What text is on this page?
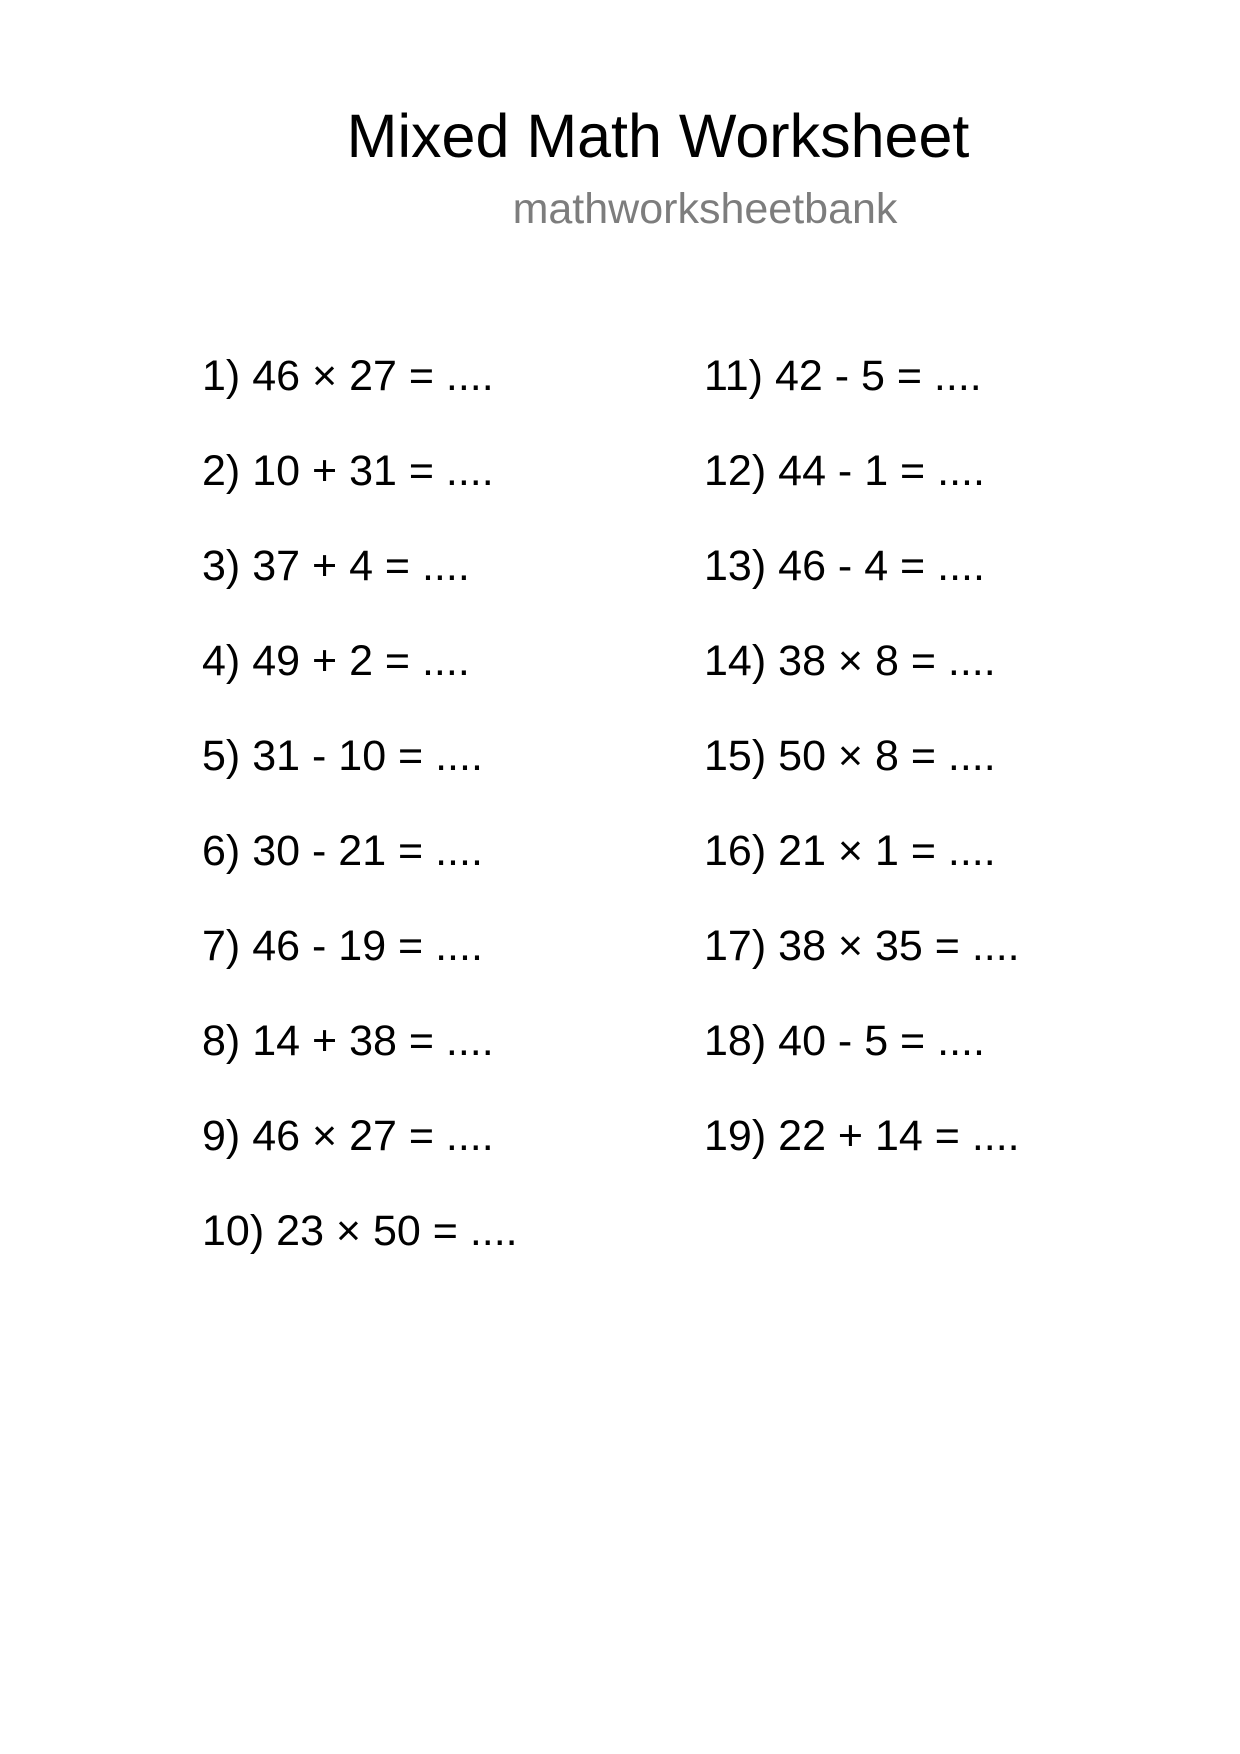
Mixed Math Worksheet
mathworksheetbank
1) 46 × 27 = ....
2) 10 + 31 = ....
3) 37 + 4 = ....
4) 49 + 2 = ....
5) 31 - 10 = ....
6) 30 - 21 = ....
7) 46 - 19 = ....
8) 14 + 38 = ....
9) 46 × 27 = ....
10) 23 × 50 = ....
11) 42 - 5 = ....
12) 44 - 1 = ....
13) 46 - 4 = ....
14) 38 × 8 = ....
15) 50 × 8 = ....
16) 21 × 1 = ....
17) 38 × 35 = ....
18) 40 - 5 = ....
19) 22 + 14 = ....
